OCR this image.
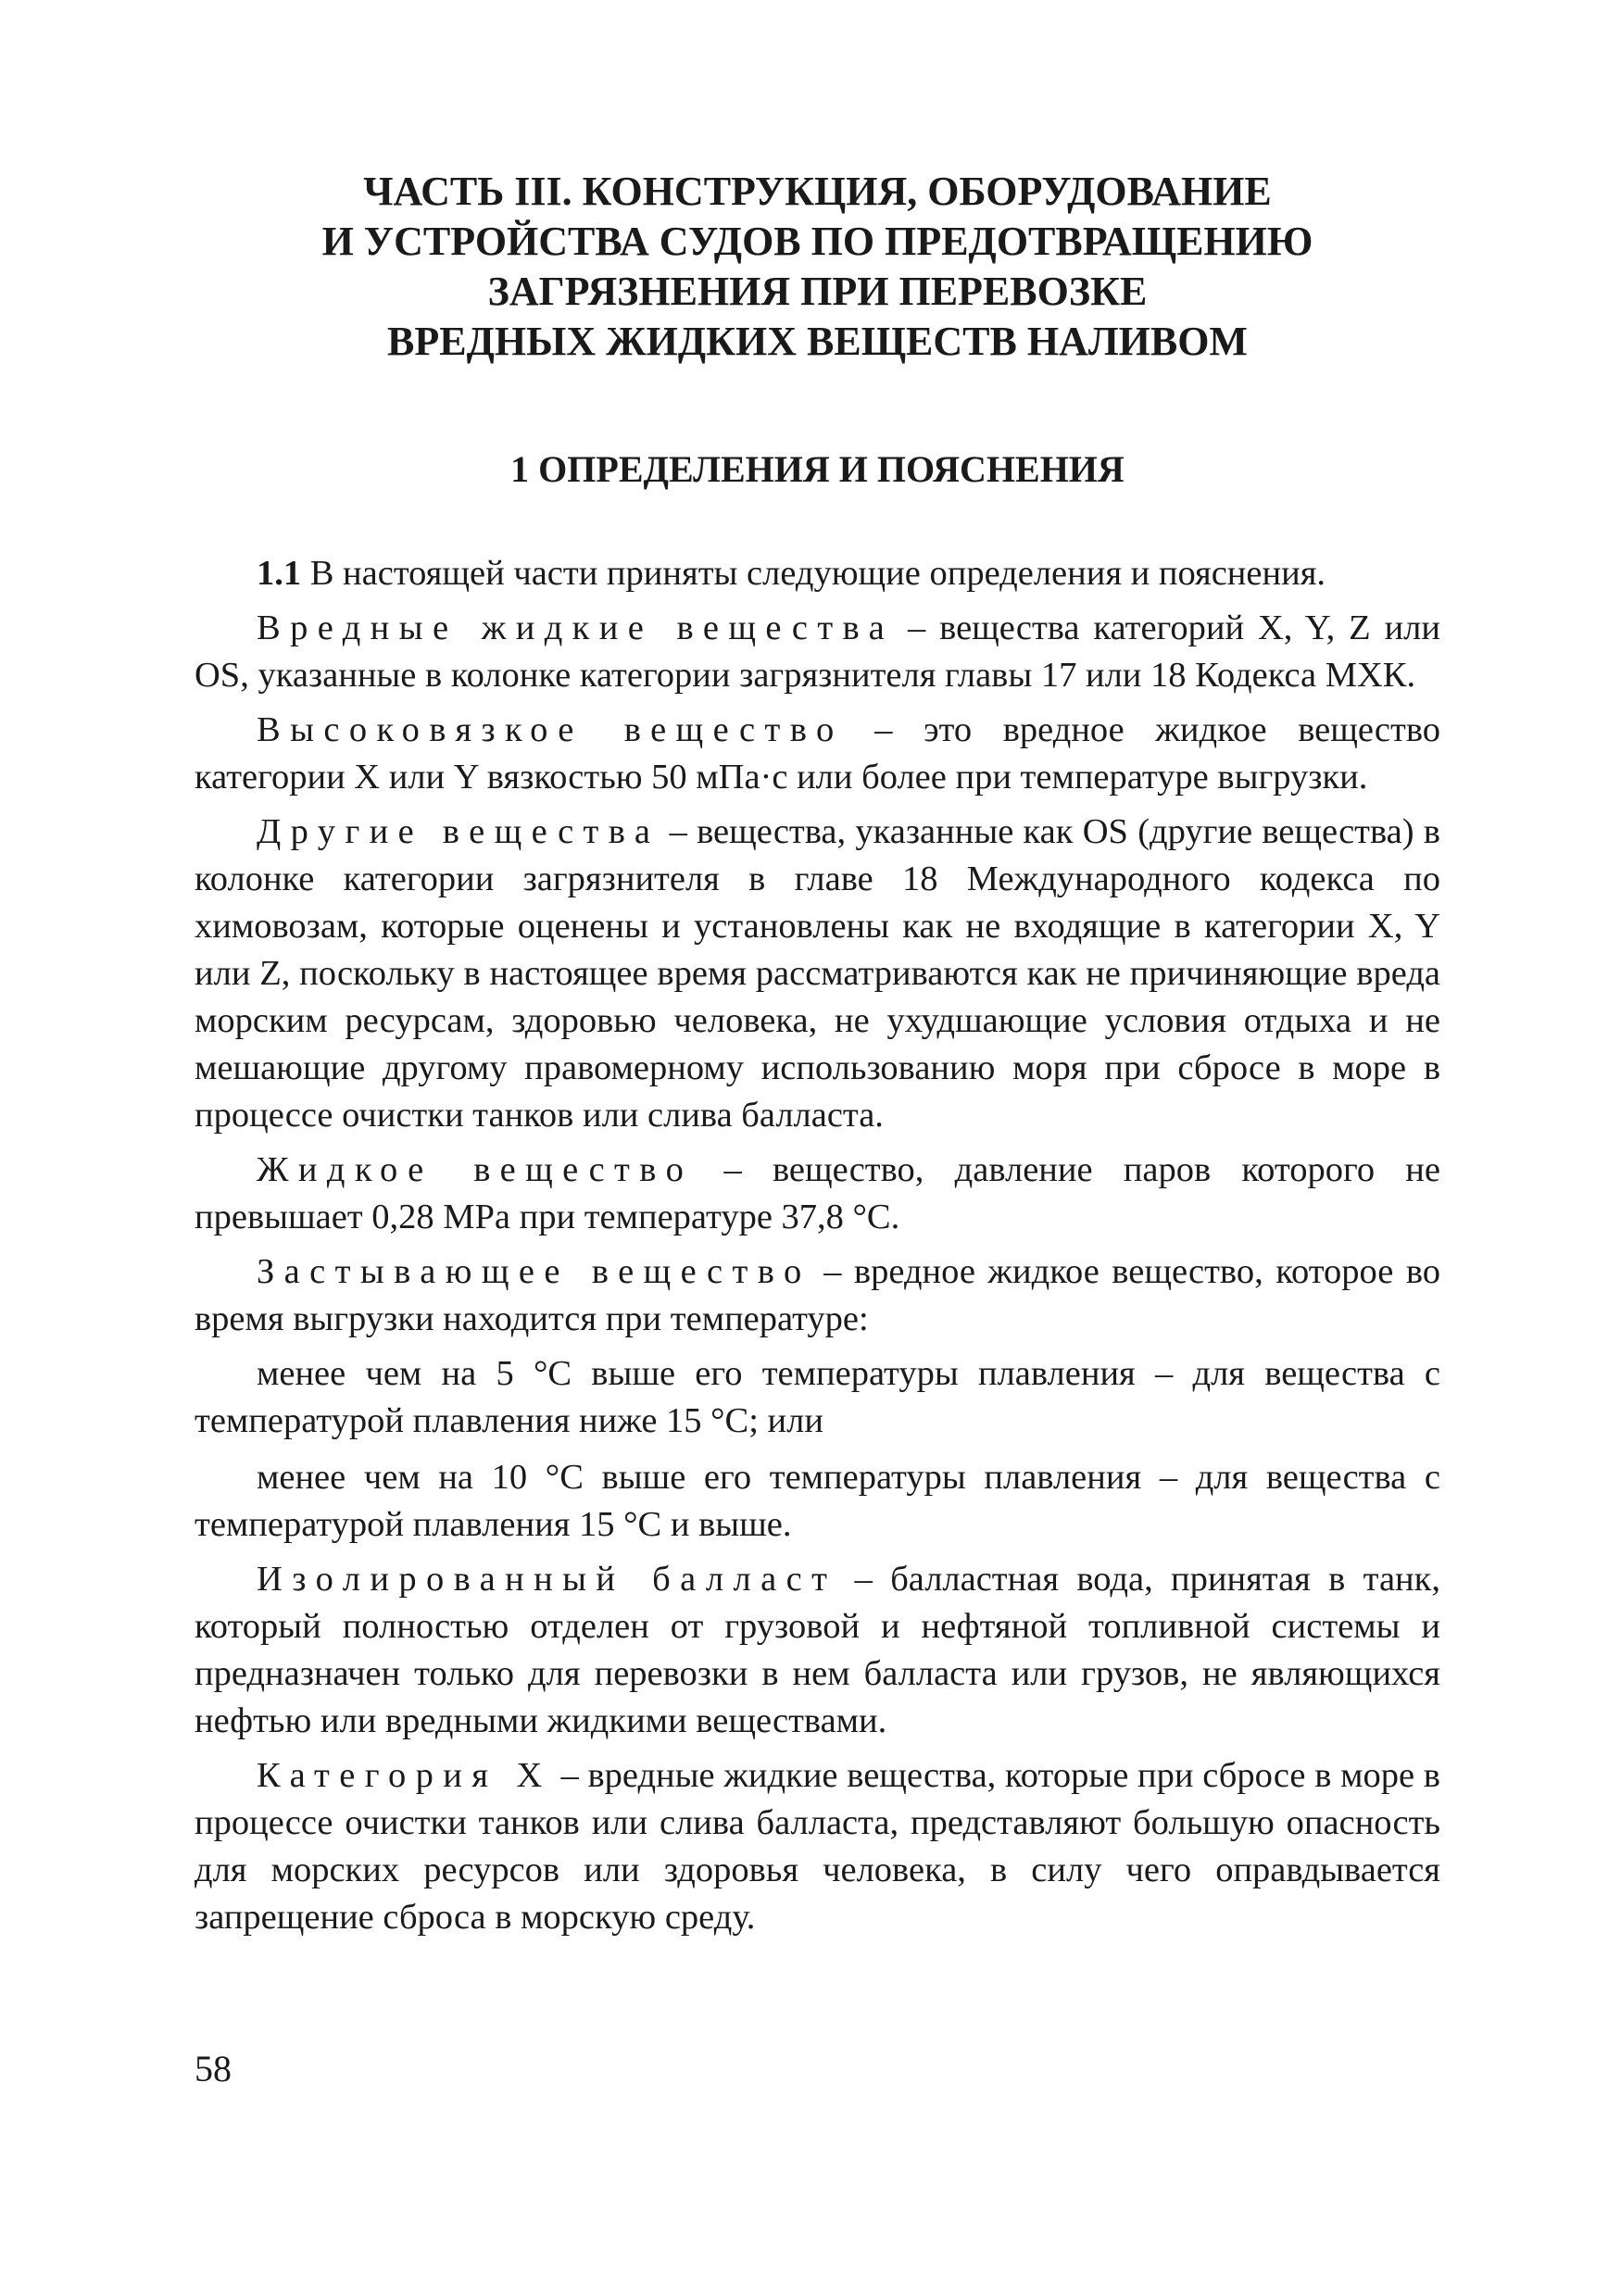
ЧАСТЬ III. КОНСТРУКЦИЯ, ОБОРУДОВАНИЕ
И УСТРОЙСТВА СУДОВ ПО ПРЕДОТВРАЩЕНИЮ
ЗАГРЯЗНЕНИЯ ПРИ ПЕРЕВОЗКЕ
ВРЕДНЫХ ЖИДКИХ ВЕЩЕСТВ НАЛИВОМ
1 ОПРЕДЕЛЕНИЯ И ПОЯСНЕНИЯ

1.1 В настоящей части приняты следующие определения и пояснения.

Вредные жидкие вещества – вещества категорий X, Y, Z или OS, указанные в колонке категории загрязнителя главы 17 или 18 Кодекса МХК.

Высоковязкое вещество – это вредное жидкое вещество категории X или Y вязкостью 50 мПа·с или более при температуре выгрузки.

Другие вещества – вещества, указанные как OS (другие вещества) в колонке категории загрязнителя в главе 18 Международного кодекса по химовозам, которые оценены и установлены как не входящие в категории X, Y или Z, поскольку в настоящее время рассматриваются как не причиняющие вреда морским ресурсам, здоровью человека, не ухудшающие условия отдыха и не мешающие другому правомерному использованию моря при сбросе в море в процессе очистки танков или слива балласта.

Жидкое вещество – вещество, давление паров которого не превышает 0,28 MPa при температуре 37,8 °C.

Застывающее вещество – вредное жидкое вещество, которое во время выгрузки находится при температуре:

менее чем на 5 °C выше его температуры плавления – для вещества с температурой плавления ниже 15 °C; или

менее чем на 10 °C выше его температуры плавления – для вещества с температурой плавления 15 °C и выше.

Изолированный балласт – балластная вода, принятая в танк, который полностью отделен от грузовой и нефтяной топливной системы и предназначен только для перевозки в нем балласта или грузов, не являющихся нефтью или вредными жидкими веществами.

Категория X – вредные жидкие вещества, которые при сбросе в море в процессе очистки танков или слива балласта, представляют большую опасность для морских ресурсов или здоровья человека, в силу чего оправдывается запрещение сброса в морскую среду.

58
